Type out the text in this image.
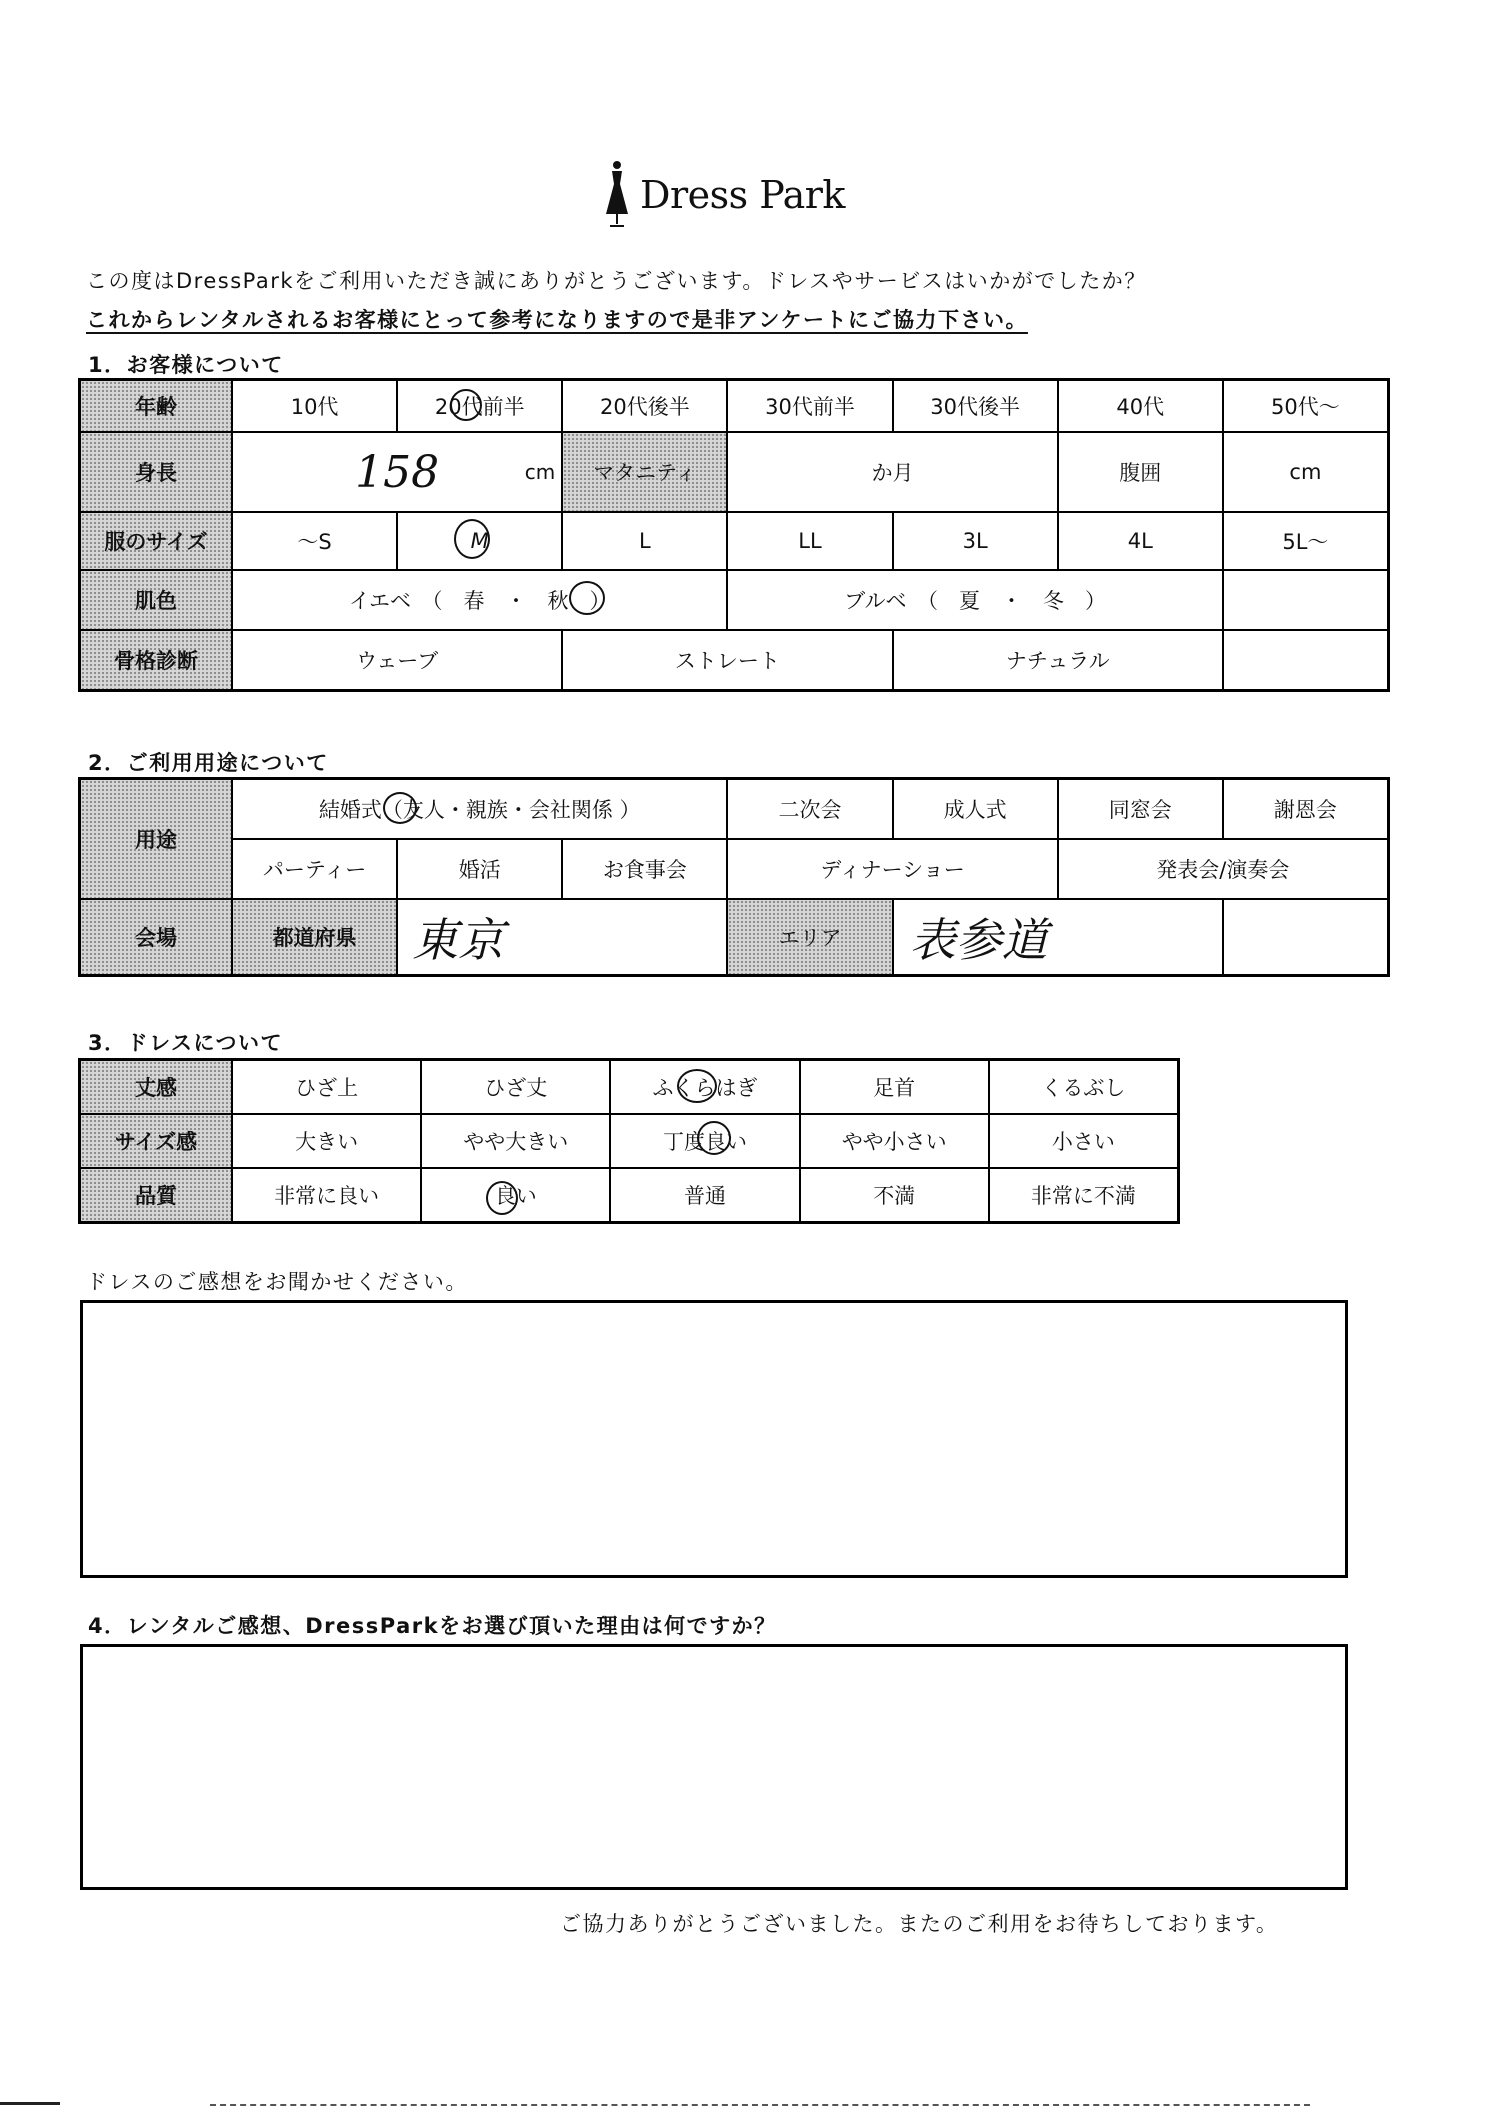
Dress Park
この度はDressParkをご利用いただき誠にありがとうございます。ドレスやサービスはいかがでしたか？
これからレンタルされるお客様にとって参考になりますので是非アンケートにご協力下さい。
1．お客様について
年齢	10代	20代前半	20代後半	30代前半	30代後半	40代	50代～
身長	158	cm	マタニティ	か月	腹囲	cm
服のサイズ	～S	M	L	LL	3L	4L	5L～
肌色	イエベ　（　春　・　秋　）	ブルベ　（　夏　・　冬　）
骨格診断	ウェーブ	ストレート	ナチュラル
2．ご利用用途について
用途
結婚式（友人・親族・会社関係 ）	二次会	成人式	同窓会	謝恩会
パーティー	婚活	お食事会	ディナーショー	発表会/演奏会
会場	都道府県	東京	エリア	表参道
3．ドレスについて
丈感	ひざ上	ひざ丈	ふくらはぎ	足首	くるぶし
サイズ感	大きい	やや大きい	丁度良い	やや小さい	小さい
品質	非常に良い	良い	普通	不満	非常に不満
ドレスのご感想をお聞かせください。
4．レンタルご感想、DressParkをお選び頂いた理由は何ですか？
ご協力ありがとうございました。またのご利用をお待ちしております。
